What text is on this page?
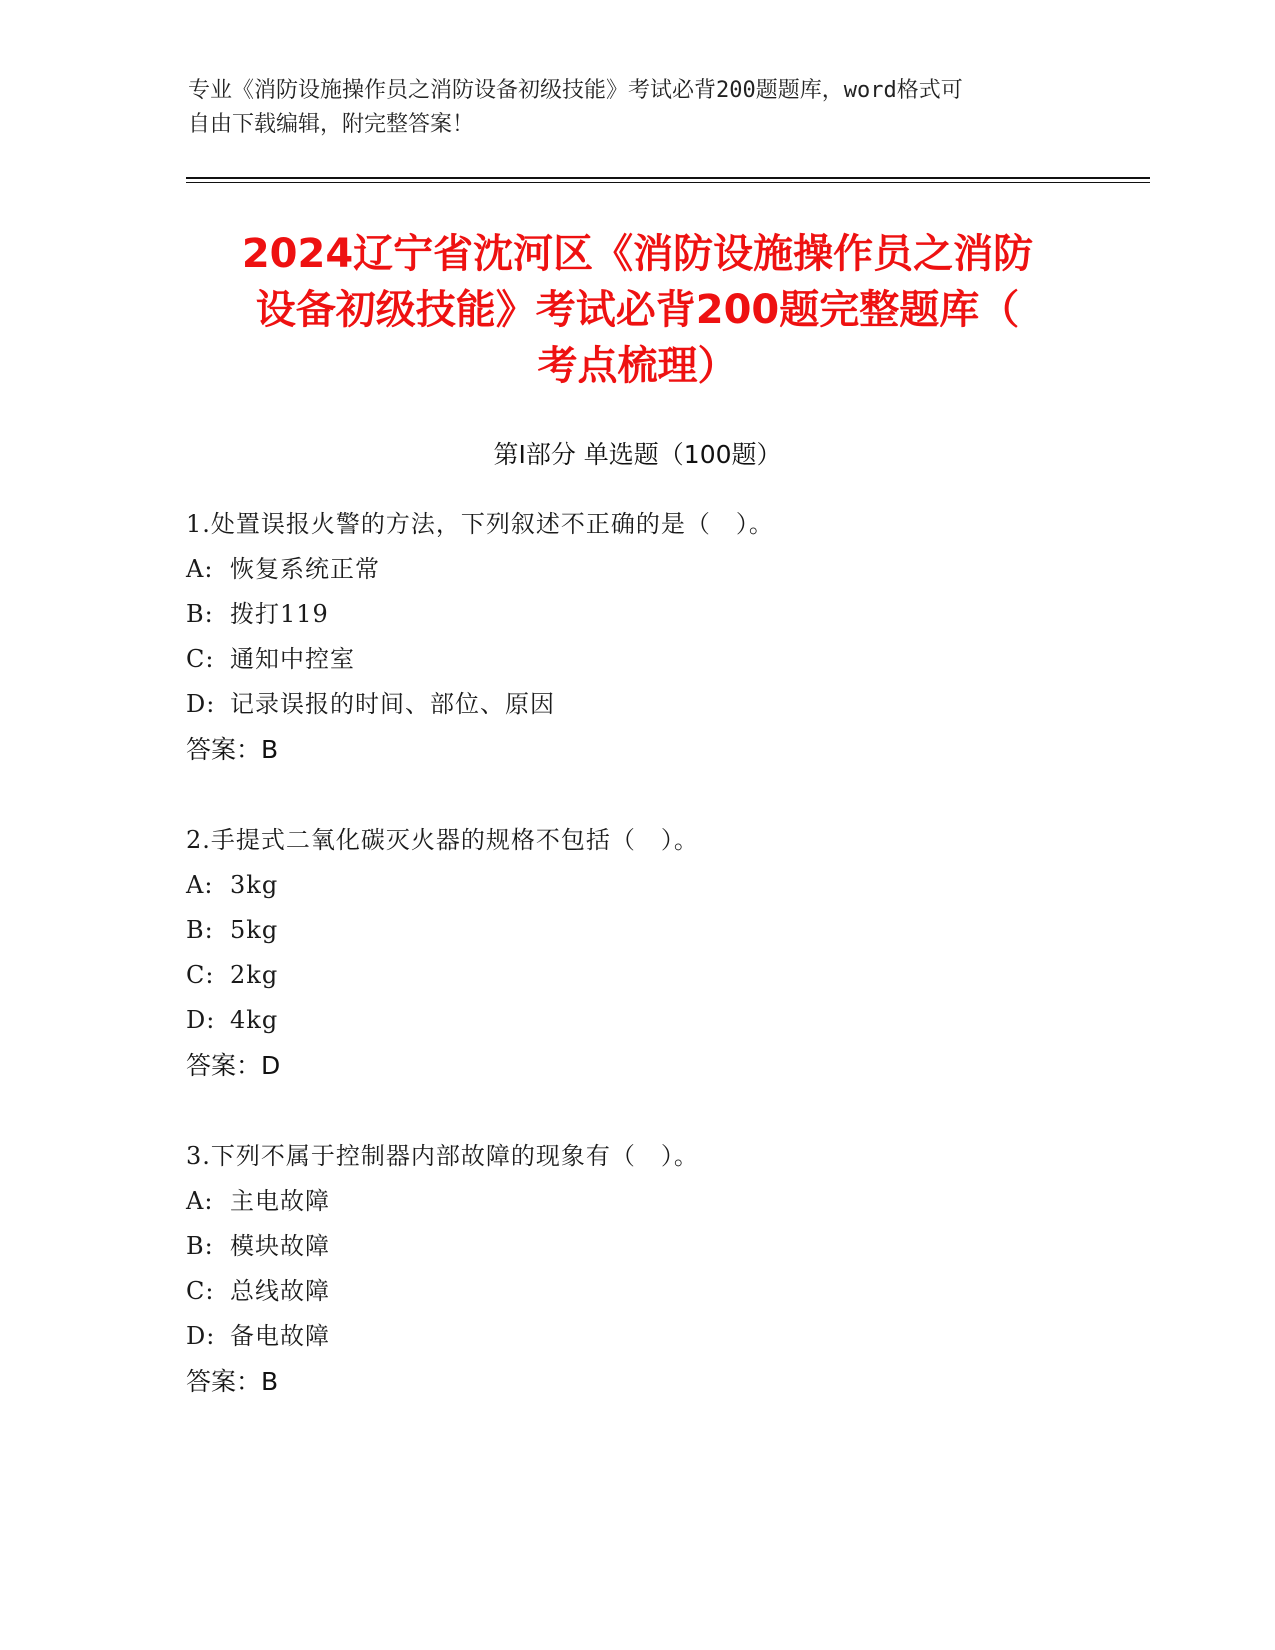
专业《消防设施操作员之消防设备初级技能》考试必背200题题库，word格式可
自由下载编辑，附完整答案！
2024辽宁省沈河区《消防设施操作员之消防
设备初级技能》考试必背200题完整题库（
考点梳理）
第I部分 单选题（100题）
1.处置误报火警的方法，下列叙述不正确的是（　）。
A: 恢复系统正常
B: 拨打119
C: 通知中控室
D: 记录误报的时间、部位、原因
答案：B
2.手提式二氧化碳灭火器的规格不包括（　）。
A: 3kg
B: 5kg
C: 2kg
D: 4kg
答案：D
3.下列不属于控制器内部故障的现象有（　）。
A: 主电故障
B: 模块故障
C: 总线故障
D: 备电故障
答案：B
